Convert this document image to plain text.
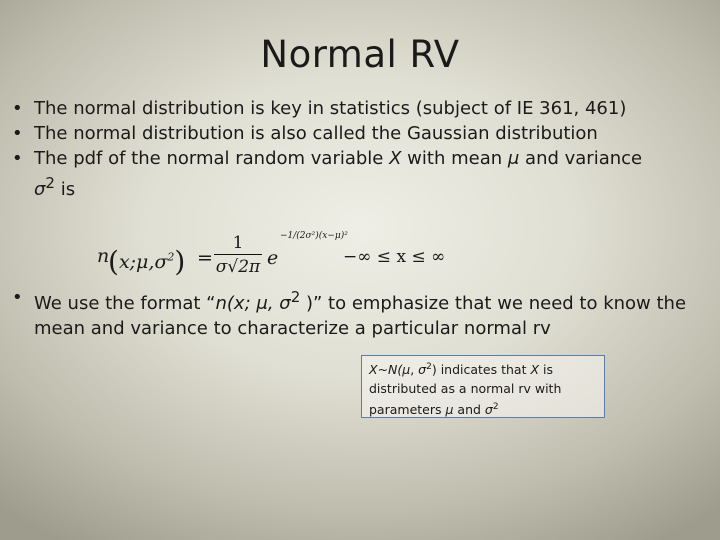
Normal RV
• The normal distribution is key in statistics (subject of IE 361, 461)
• The normal distribution is also called the Gaussian distribution
• The pdf of the normal random variable X with mean μ and variance
$\sigma^2$ is
n
$(x;\mu,\sigma^2)$ =
1
σ√2π e
−1/(2σ²)(x−μ)²
−∞ ≤ x ≤ ∞
• We use the format “n(x; μ, $\sigma^2$ )” to emphasize that we need to know the mean and variance to characterize a particular normal rv
X~N(μ, $\sigma^2$) indicates that X is
distributed as a normal rv with
parameters μ and $\sigma^2$
